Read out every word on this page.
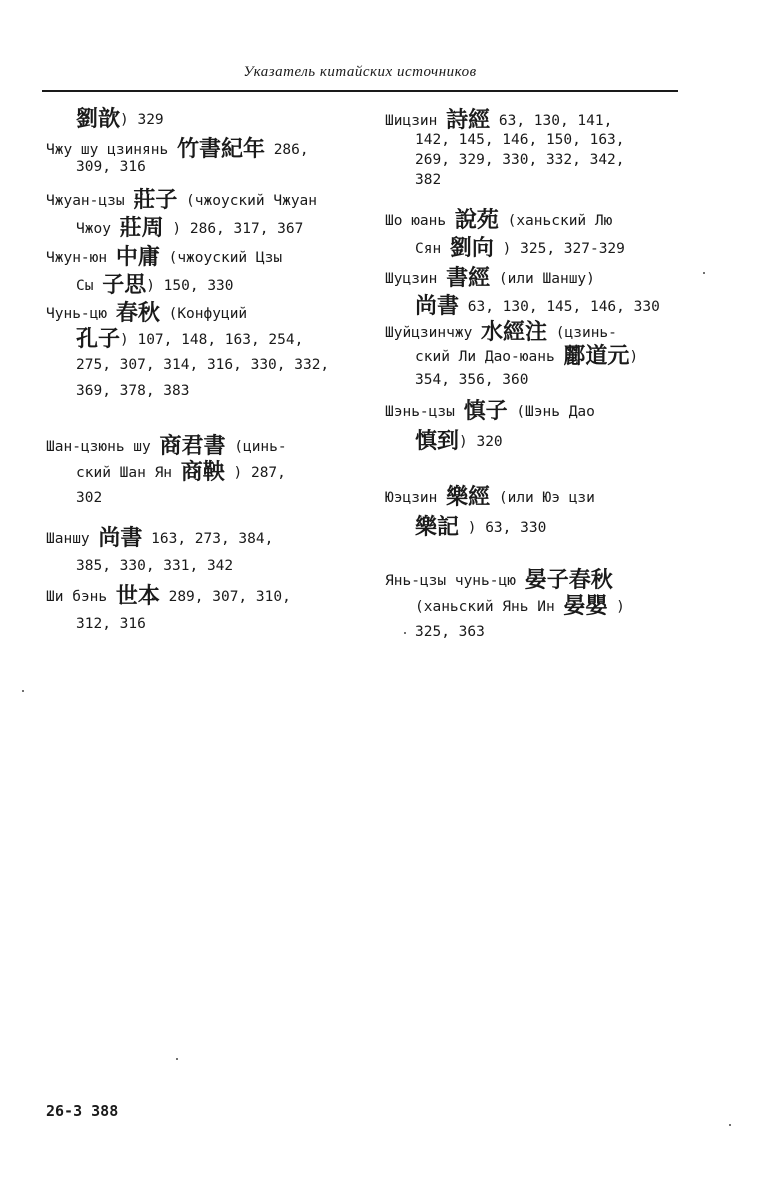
Указатель китайских источников
劉歆) 329
Чжу шу цзинянь 竹書紀年 286,
309, 316
Чжуан-цзы 莊子 (чжоуский Чжуан
Чжоу 莊周 ) 286, 317, 367
Чжун-юн 中庸 (чжоуский Цзы
Сы 子思) 150, 330
Чунь-цю 春秋 (Конфуций
孔子) 107, 148, 163, 254,
275, 307, 314, 316, 330, 332,
369, 378, 383
Шан-цзюнь шу 商君書 (цинь-
ский Шан Ян 商鞅 ) 287,
302
Шаншу 尚書 163, 273, 384,
385, 330, 331, 342
Ши бэнь 世本 289, 307, 310,
312, 316
Шицзин 詩經 63, 130, 141,
142, 145, 146, 150, 163,
269, 329, 330, 332, 342,
382
Шо юань 說苑 (ханьский Лю
Сян 劉向 ) 325, 327-329
Шуцзин 書經 (или Шаншу)
尚書 63, 130, 145, 146, 330
Шуйцзинчжу 水經注 (цзинь-
ский Ли Дао-юань 酈道元)
354, 356, 360
Шэнь-цзы 慎子 (Шэнь Дао
慎到) 320
Юэцзин 樂經 (или Юэ цзи
樂記 ) 63, 330
Янь-цзы чунь-цю 晏子春秋
(ханьский Янь Ин 晏嬰 )
325, 363
26-3 388
